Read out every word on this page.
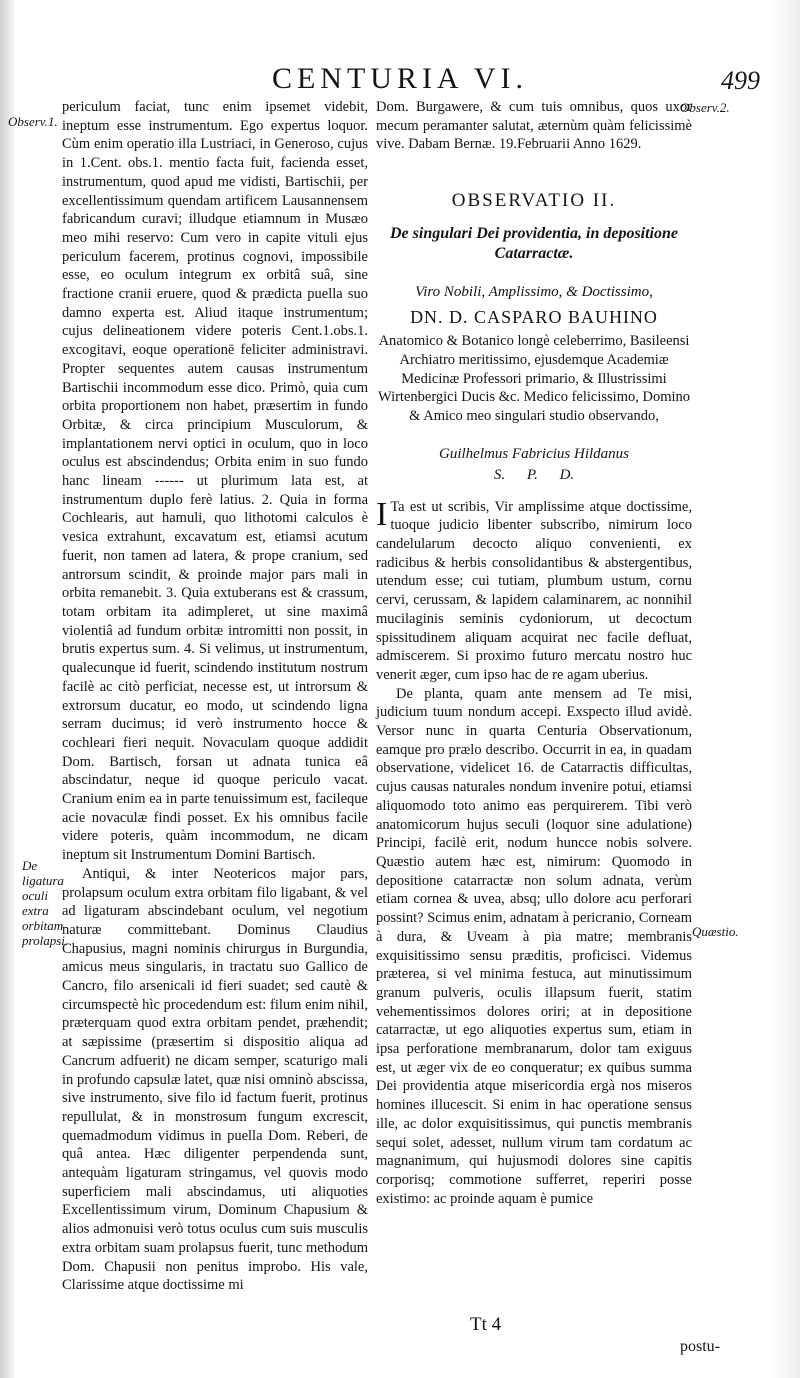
CENTURIA VI.	499
Observ.1.
Observ.2.
De ligatura oculi extra orbitam prolapsi.
Quæstio.

periculum faciat, tunc enim ipsemet videbit, ineptum esse instrumentum. Ego expertus loquor. Cùm enim operatio illa Lustriaci, in Generoso, cujus in 1.Cent. obs.1. mentio facta fuit, facienda esset, instrumentum, quod apud me vidisti, Bartischii, per excellentissimum quendam artificem Lausannensem fabricandum curavi; illudque etiamnum in Musæo meo mihi reservo: Cum vero in capite vituli ejus periculum facerem, protinus cognovi, impossibile esse, eo oculum integrum ex orbitâ suâ, sine fractione cranii eruere, quod & prædicta puella suo damno experta est. Aliud itaque instrumentum; cujus delineationem videre poteris Cent.1.obs.1. excogitavi, eoque operationē feliciter administravi. Propter sequentes autem causas instrumentum Bartischii incommodum esse dico. Primò, quia cum orbita proportionem non habet, præsertim in fundo Orbitæ, & circa principium Musculorum, & implantationem nervi optici in oculum, quo in loco oculus est abscindendus; Orbita enim in suo fundo hanc lineam ------ ut plurimum lata est, at instrumentum duplo ferè latius. 2. Quia in forma Cochlearis, aut hamuli, quo lithotomi calculos è vesica extrahunt, excavatum est, etiamsi acutum fuerit, non tamen ad latera, & prope cranium, sed antrorsum scindit, & proinde major pars mali in orbita remanebit. 3. Quia extuberans est & crassum, totam orbitam ita adimpleret, ut sine maximâ violentiâ ad fundum orbitæ intromitti non possit, in brutis expertus sum. 4. Si velimus, ut instrumentum, qualecunque id fuerit, scindendo institutum nostrum facilè ac citò perficiat, necesse est, ut introrsum & extrorsum ducatur, eo modo, ut scindendo ligna serram ducimus; id verò instrumento hocce & cochleari fieri nequit. Novaculam quoque addidit Dom. Bartisch, forsan ut adnata tunica eâ abscindatur, neque id quoque periculo vacat. Cranium enim ea in parte tenuissimum est, facileque acie novaculæ findi posset. Ex his omnibus facile videre poteris, quàm incommodum, ne dicam ineptum sit Instrumentum Domini Bartisch.

Antiqui, & inter Neotericos major pars, prolapsum oculum extra orbitam filo ligabant, & vel ad ligaturam abscindebant oculum, vel negotium naturæ committebant. Dominus Claudius Chapusius, magni nominis chirurgus in Burgundia, amicus meus singularis, in tractatu suo Gallico de Cancro, filo arsenicali id fieri suadet; sed cautè & circumspectè hìc procedendum est: filum enim nihil, præterquam quod extra orbitam pendet, præhendit; at sæpissime (præsertim si dispositio aliqua ad Cancrum adfuerit) ne dicam semper, scaturigo mali in profundo capsulæ latet, quæ nisi omninò abscissa, sive instrumento, sive filo id factum fuerit, protinus repullulat, & in monstrosum fungum excrescit, quemadmodum vidimus in puella Dom. Reberi, de quâ antea. Hæc diligenter perpendenda sunt, antequàm ligaturam stringamus, vel quovis modo superficiem mali abscindamus, uti aliquoties Excellentissimum virum, Dominum Chapusium & alios admonuisi verò totus oculus cum suis musculis extra orbitam suam prolapsus fuerit, tunc methodum Dom. Chapusii non penitus improbo. His vale, Clarissime atque doctissime mi

Dom. Burgawere, & cum tuis omnibus, quos uxor mecum peramanter salutat, æternùm quàm felicissimè vive. Dabam Bernæ. 19.Februarii Anno 1629.

OBSERVATIO II.
De singulari Dei providentia, in depositione Catarractæ.
Viro Nobili, Amplissimo, & Doctissimo,
DN. D. CASPARO BAUHINO
Anatomico & Botanico longè celeberrimo, Basileensi Archiatro meritissimo, ejusdemque Academiæ Medicinæ Professori primario, & Illustrissimi Wirtenbergici Ducis &c. Medico felicissimo, Domino & Amico meo singulari studio observando,
Guilhelmus Fabricius Hildanus
S. P. D.

I Ta est ut scribis, Vir amplissime atque doctissime, tuoque judicio libenter subscribo, nimirum loco candelularum decocto aliquo convenienti, ex radicibus & herbis consolidantibus & abstergentibus, utendum esse; cui tutiam, plumbum ustum, cornu cervi, cerussam, & lapidem calaminarem, ac nonnihil mucilaginis seminis cydoniorum, ut decoctum spissitudinem aliquam acquirat nec facile defluat, admiscerem. Si proximo futuro mercatu nostro huc venerit æger, cum ipso hac de re agam uberius.

De planta, quam ante mensem ad Te misi, judicium tuum nondum accepi. Exspecto illud avidè. Versor nunc in quarta Centuria Observationum, eamque pro prælo describo. Occurrit in ea, in quadam observatione, videlicet 16. de Catarractis difficultas, cujus causas naturales nondum invenire potui, etiamsi aliquomodo toto animo eas perquirerem. Tibi verò anatomicorum hujus seculi (loquor sine adulatione) Principi, facilè erit, nodum huncce nobis solvere. Quæstio autem hæc est, nimirum: Quomodo in depositione catarractæ non solum adnata, verùm etiam cornea & uvea, absq; ullo dolore acu perforari possint? Scimus enim, adnatam à pericranio, Corneam à dura, & Uveam à pia matre; membranis exquisitissimo sensu præditis, proficisci. Videmus præterea, si vel minima festuca, aut minutissimum granum pulveris, oculis illapsum fuerit, statim vehementissimos dolores oriri; at in depositione catarractæ, ut ego aliquoties expertus sum, etiam in ipsa perforatione membranarum, dolor tam exiguus est, ut æger vix de eo conqueratur; ex quibus summa Dei providentia atque misericordia ergà nos miseros homines illucescit. Si enim in hac operatione sensus ille, ac dolor exquisitissimus, qui punctis membranis sequi solet, adesset, nullum virum tam cordatum ac magnanimum, qui hujusmodi dolores sine capitis corporisq; commotione sufferret, reperiri posse existimo: ac proinde aquam è pumice

Tt 4
postu-
